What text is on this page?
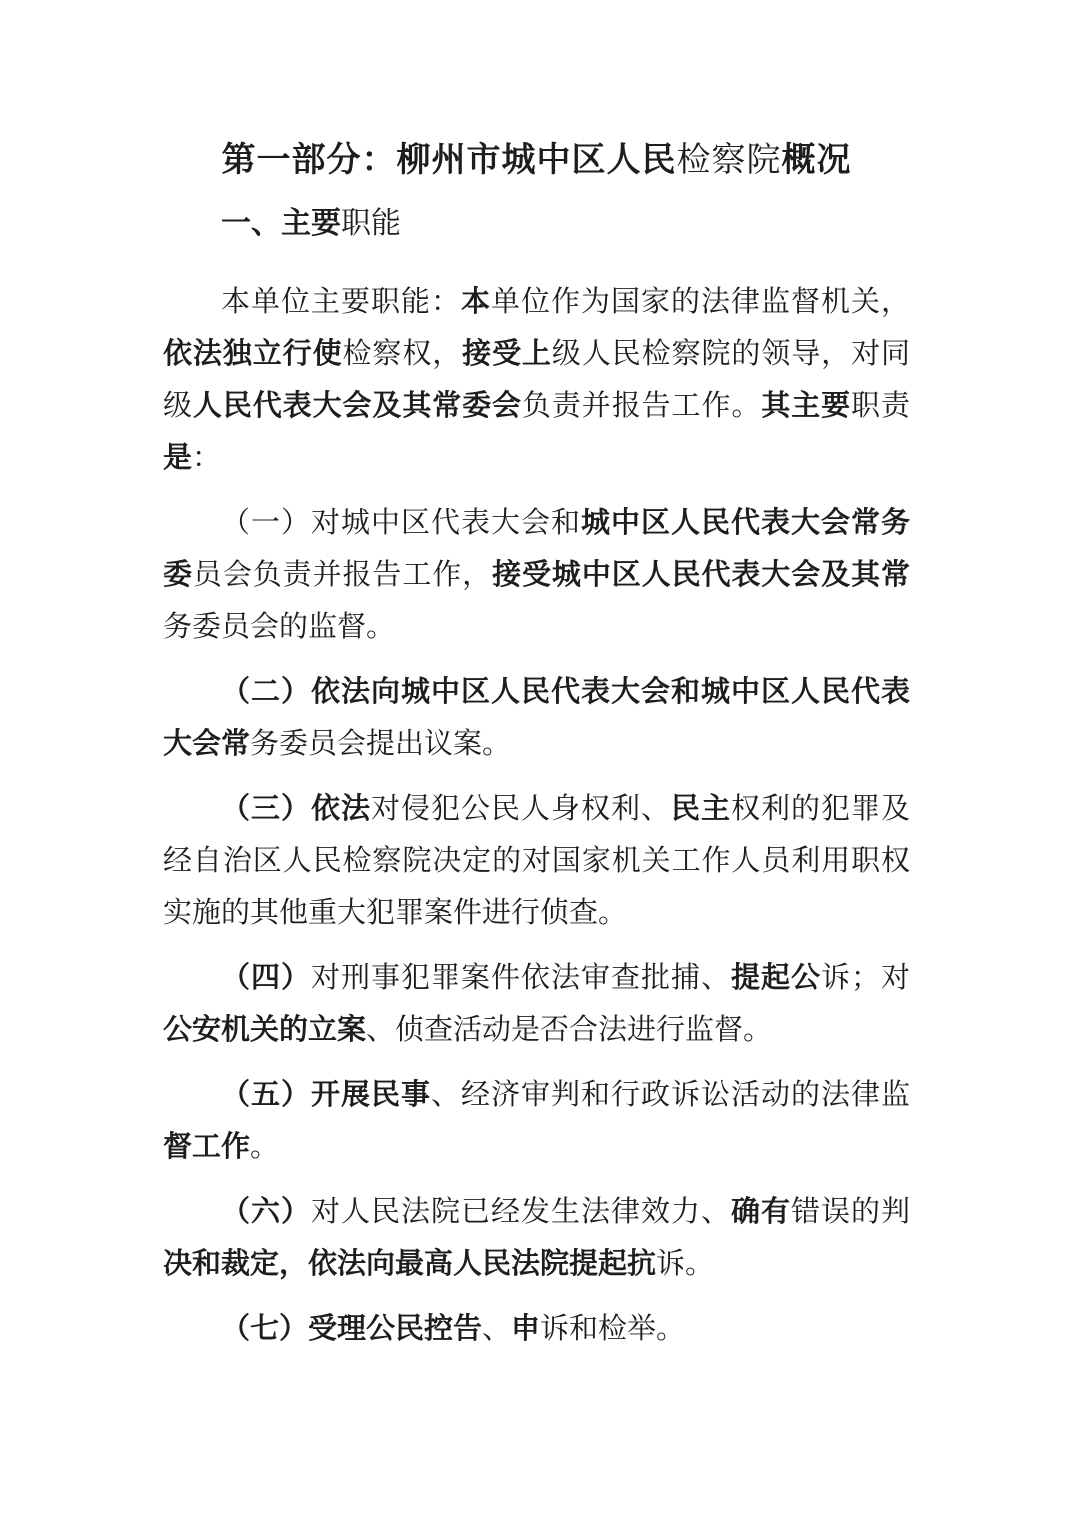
第一部分：柳州市城中区人民检察院概况
一、主要职能

本单位主要职能：本单位作为国家的法律监督机关，依法独立行使检察权，接受上级人民检察院的领导，对同级人民代表大会及其常委会负责并报告工作。其主要职责是：

（一）对城中区代表大会和城中区人民代表大会常务委员会负责并报告工作，接受城中区人民代表大会及其常务委员会的监督。

（二）依法向城中区人民代表大会和城中区人民代表大会常务委员会提出议案。

（三）依法对侵犯公民人身权利、民主权利的犯罪及经自治区人民检察院决定的对国家机关工作人员利用职权实施的其他重大犯罪案件进行侦查。

（四）对刑事犯罪案件依法审查批捕、提起公诉；对公安机关的立案、侦查活动是否合法进行监督。

（五）开展民事、经济审判和行政诉讼活动的法律监督工作。

（六）对人民法院已经发生法律效力、确有错误的判决和裁定，依法向最高人民法院提起抗诉。

（七）受理公民控告、申诉和检举。
